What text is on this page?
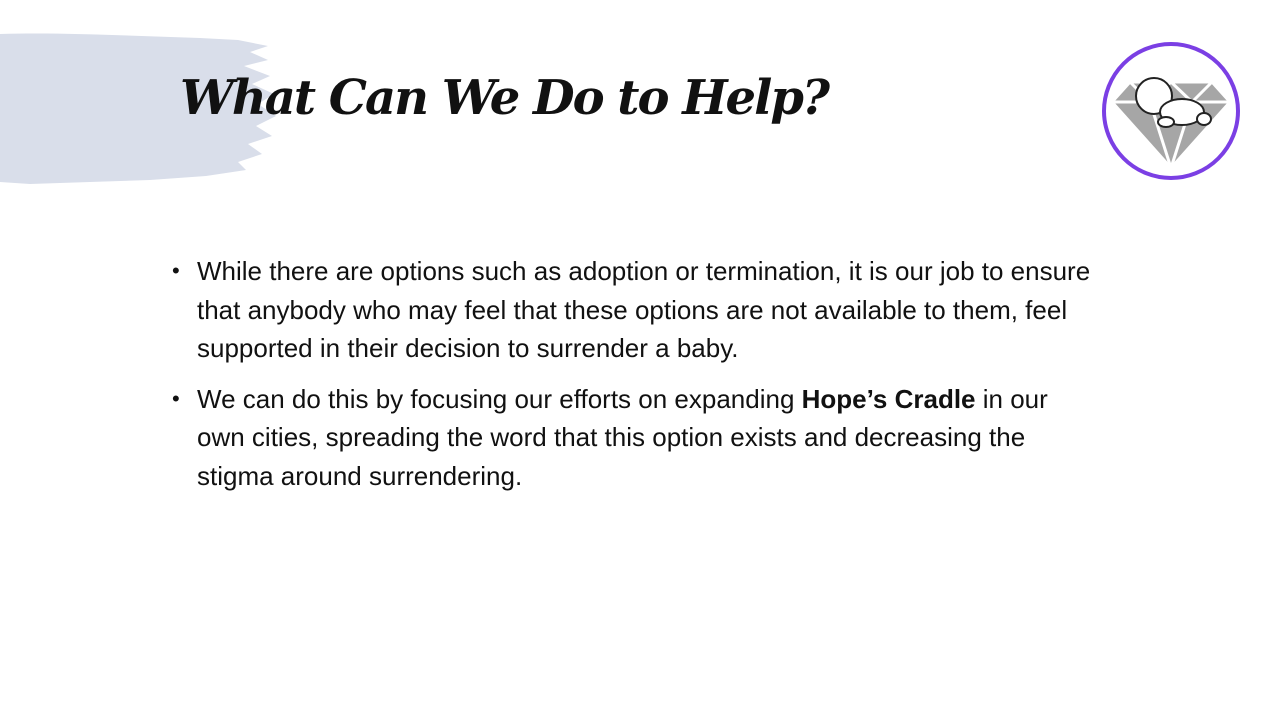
What Can We Do to Help?
• While there are options such as adoption or termination, it is our job to ensure that anybody who may feel that these options are not available to them, feel supported in their decision to surrender a baby.
• We can do this by focusing our efforts on expanding Hope’s Cradle in our own cities, spreading the word that this option exists and decreasing the stigma around surrendering.
